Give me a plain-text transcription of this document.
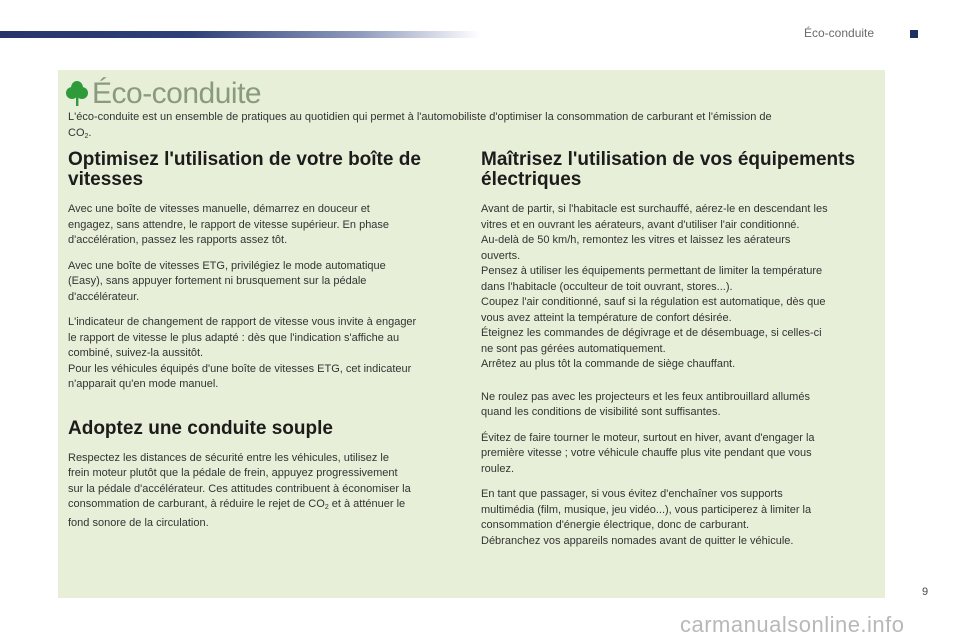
Éco-conduite
Éco-conduite
L'éco-conduite est un ensemble de pratiques au quotidien qui permet à l'automobiliste d'optimiser la consommation de carburant et l'émission de
$CO_2$.
Optimisez l'utilisation de votre boîte de
vitesses

Avec une boîte de vitesses manuelle, démarrez en douceur et
engagez, sans attendre, le rapport de vitesse supérieur. En phase
d'accélération, passez les rapports assez tôt.

Avec une boîte de vitesses ETG, privilégiez le mode automatique
(Easy), sans appuyer fortement ni brusquement sur la pédale
d'accélérateur.

L'indicateur de changement de rapport de vitesse vous invite à engager
le rapport de vitesse le plus adapté : dès que l'indication s'affiche au
combiné, suivez-la aussitôt.
Pour les véhicules équipés d'une boîte de vitesses ETG, cet indicateur
n'apparait qu'en mode manuel.

Adoptez une conduite souple

Respectez les distances de sécurité entre les véhicules, utilisez le
frein moteur plutôt que la pédale de frein, appuyez progressivement
sur la pédale d'accélérateur. Ces attitudes contribuent à économiser la
consommation de carburant, à réduire le rejet de $CO_2$ et à atténuer le
fond sonore de la circulation.

Maîtrisez l'utilisation de vos équipements
électriques

Avant de partir, si l'habitacle est surchauffé, aérez-le en descendant les
vitres et en ouvrant les aérateurs, avant d'utiliser l'air conditionné.
Au-delà de 50 km/h, remontez les vitres et laissez les aérateurs
ouverts.
Pensez à utiliser les équipements permettant de limiter la température
dans l'habitacle (occulteur de toit ouvrant, stores...).
Coupez l'air conditionné, sauf si la régulation est automatique, dès que
vous avez atteint la température de confort désirée.
Éteignez les commandes de dégivrage et de désembuage, si celles-ci
ne sont pas gérées automatiquement.
Arrêtez au plus tôt la commande de siège chauffant.

Ne roulez pas avec les projecteurs et les feux antibrouillard allumés
quand les conditions de visibilité sont suffisantes.

Évitez de faire tourner le moteur, surtout en hiver, avant d'engager la
première vitesse ; votre véhicule chauffe plus vite pendant que vous
roulez.

En tant que passager, si vous évitez d'enchaîner vos supports
multimédia (film, musique, jeu vidéo...), vous participerez à limiter la
consommation d'énergie électrique, donc de carburant.
Débranchez vos appareils nomades avant de quitter le véhicule.

9
carmanualsonline.info
